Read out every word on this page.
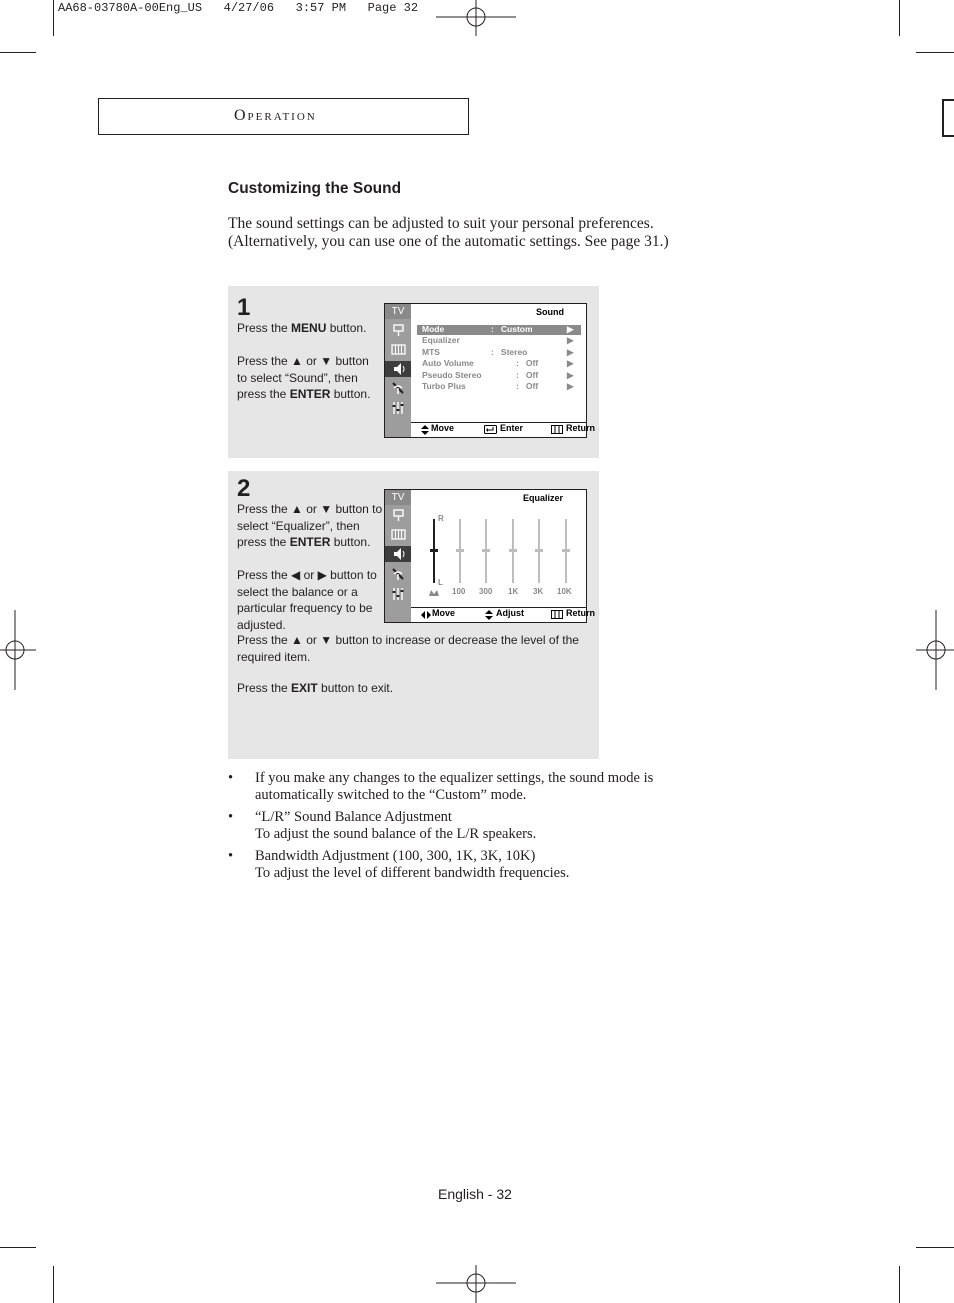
AA68-03780A-00Eng_US   4/27/06   3:57 PM   Page 32
Operation
Customizing the Sound
The sound settings can be adjusted to suit your personal preferences.
(Alternatively, you can use one of the automatic settings. See page 31.)
1
Press the MENU button.
Press the ▲ or ▼ button
to select “Sound”, then
press the ENTER button.
TV	Sound
Mode	:   Custom	▶
Equalizer	▶
MTS	:   Stereo	▶
Auto Volume	:   Off	▶
Pseudo Stereo	:   Off	▶
Turbo Plus	:   Off	▶
Move	Enter	Return
2
Press the ▲ or ▼ button to
select “Equalizer”, then
press the ENTER button.
Press the ◀ or ▶ button to
select the balance or a
particular frequency to be
adjusted.
Press the ▲ or ▼ button to increase or decrease the level of the
required item.
Press the EXIT button to exit.
TV	Equalizer
R
L
100 300 1K 3K 10K
Move	Adjust	Return
• If you make any changes to the equalizer settings, the sound mode is
automatically switched to the “Custom” mode.
• “L/R” Sound Balance Adjustment
To adjust the sound balance of the L/R speakers.
• Bandwidth Adjustment (100, 300, 1K, 3K, 10K)
To adjust the level of different bandwidth frequencies.
English - 32
